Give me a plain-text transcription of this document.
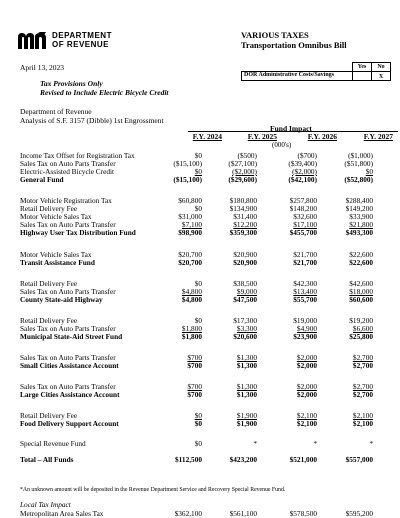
DEPARTMENT
OF REVENUE
VARIOUS TAXES
Transportation Omnibus Bill
April 13, 2023
Tax Provisions Only
Revised to Include Electric Bicycle Credit
	Yes	No
DOR Administrative Costs/Savings		X
Department of Revenue
Analysis of S.F. 3157 (Dibble) 1st Engrossment
Fund Impact
F.Y. 2024	F.Y. 2025	F.Y. 2026	F.Y. 2027
(000's)
Income Tax Offset for Registration Tax	$0	($500)	($700)	($1,000)
Sales Tax on Auto Parts Transfer	($15,100)	($27,100)	($39,400)	($51,800)
Electric-Assisted Bicycle Credit	$0	($2,000)	($2,000)	$0
General Fund	($15,100)	($29,600)	($42,100)	($52,800)
Motor Vehicle Registration Tax	$60,800	$180,800	$257,800	$288,400
Retail Delivery Fee	$0	$134,900	$148,200	$149,200
Motor Vehicle Sales Tax	$31,000	$31,400	$32,600	$33,900
Sales Tax on Auto Parts Transfer	$7,100	$12,200	$17,100	$21,800
Highway User Tax Distribution Fund	$98,900	$359,300	$455,700	$493,300
Motor Vehicle Sales Tax	$20,700	$20,900	$21,700	$22,600
Transit Assistance Fund	$20,700	$20,900	$21,700	$22,600
Retail Delivery Fee	$0	$38,500	$42,300	$42,600
Sales Tax on Auto Parts Transfer	$4,800	$9,000	$13,400	$18,000
County State-aid Highway	$4,800	$47,500	$55,700	$60,600
Retail Delivery Fee	$0	$17,300	$19,000	$19,200
Sales Tax on Auto Parts Transfer	$1,800	$3,300	$4,900	$6,600
Municipal State-Aid Street Fund	$1,800	$20,600	$23,900	$25,800
Sales Tax on Auto Parts Transfer	$700	$1,300	$2,000	$2,700
Small Cities Assistance Account	$700	$1,300	$2,000	$2,700
Sales Tax on Auto Parts Transfer	$700	$1,300	$2,000	$2,700
Large Cities Assistance Account	$700	$1,300	$2,000	$2,700
Retail Delivery Fee	$0	$1,900	$2,100	$2,100
Food Delivery Support Account	$0	$1,900	$2,100	$2,100
Special Revenue Fund	$0	*	*	*
Total – All Funds	$112,500	$423,200	$521,000	$557,000
Metropolitan Area Sales Tax	$362,100	$561,100	$578,500	$595,200
*An unknown amount will be deposited in the Revenue Department Service and Recovery Special Revenue Fund.
Local Tax Impact
